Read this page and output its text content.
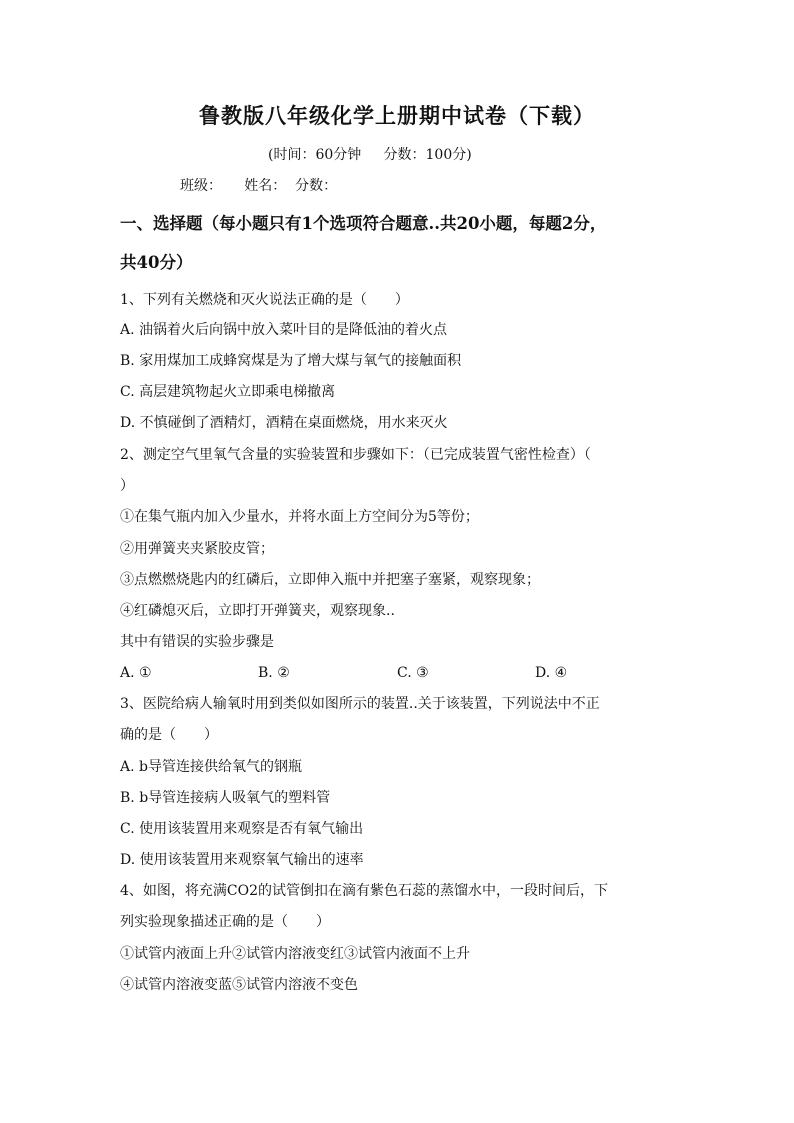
鲁教版八年级化学上册期中试卷（下载）
(时间：60分钟     分数：100分)
班级：     姓名：  分数：
一、选择题（每小题只有1个选项符合题意..共20小题，每题2分，
共40分）
1、下列有关燃烧和灭火说法正确的是（　　）
A. 油锅着火后向锅中放入菜叶目的是降低油的着火点
B. 家用煤加工成蜂窝煤是为了增大煤与氧气的接触面积
C. 高层建筑物起火立即乘电梯撤离
D. 不慎碰倒了酒精灯，酒精在桌面燃烧，用水来灭火
2、测定空气里氧气含量的实验装置和步骤如下：（已完成装置气密性检查）（
）
①在集气瓶内加入少量水，并将水面上方空间分为5等份；
②用弹簧夹夹紧胶皮管；
③点燃燃烧匙内的红磷后，立即伸入瓶中并把塞子塞紧，观察现象；
④红磷熄灭后，立即打开弹簧夹，观察现象..
其中有错误的实验步骤是
A. ①	B. ②	C. ③	D. ④
3、医院给病人输氧时用到类似如图所示的装置..关于该装置，下列说法中不正
确的是（　　）
A. b导管连接供给氧气的钢瓶
B. b导管连接病人吸氧气的塑料管
C. 使用该装置用来观察是否有氧气输出
D. 使用该装置用来观察氧气输出的速率
4、如图，将充满CO2的试管倒扣在滴有紫色石蕊的蒸馏水中，一段时间后，下
列实验现象描述正确的是（　　）
①试管内液面上升②试管内溶液变红③试管内液面不上升
④试管内溶液变蓝⑤试管内溶液不变色
